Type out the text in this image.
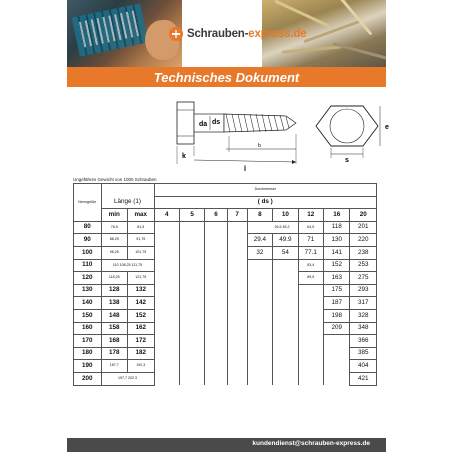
Schrauben-express.de
Technisches Dokument
da ds
k
b
l
e
s
Ungefähres Gewicht von 1000 Schrauben
Nenngröße			Durchmesser								
	Länge (1)		( ds )								
	min	max	4	5	6	7	8	10	12	16	20
80	78,5	81,5					26,5 45,2		64,5	118	201
90	88,25	91,75					29.4	49.9	71	130	220
100	98,25	101,75					32	54	77.1	141	238
110	110 108,25 111,75								83,4	152	253
120	118,25	121,75							89,5	163	275
130	128	132								175	293
140	138	142								187	317
150	148	152								198	328
160	158	162								209	348
170	168	172									366
180	178	182									385
190	187,7	192,3									404
200	197,7 202,3										421
kundendienst@schrauben-express.de
